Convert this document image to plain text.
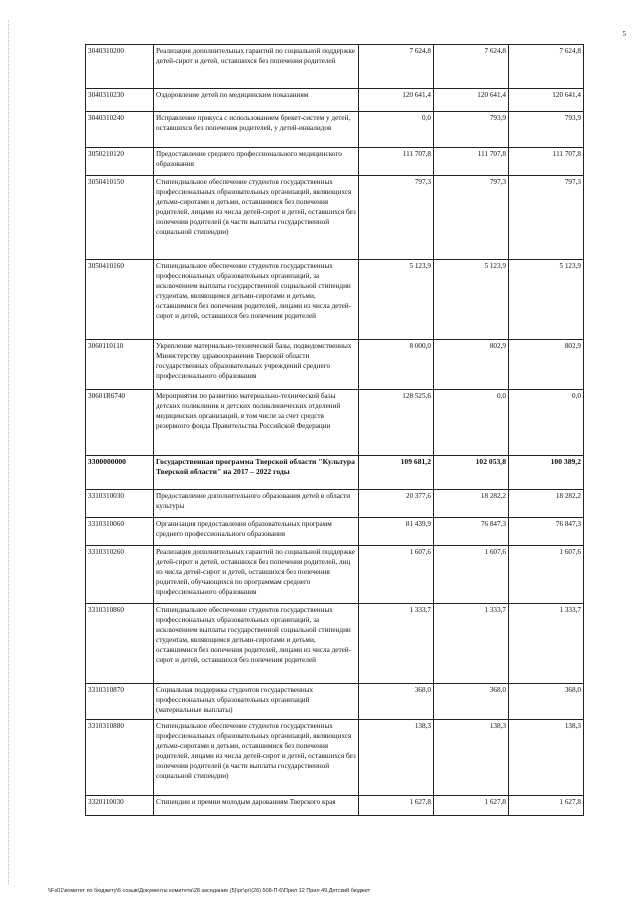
5
3040310200	Реализация дополнительных гарантий по социальной поддержке детей-сирот и детей, оставшихся без попечения родителей	7 624,8	7 624,8	7 624,8
3040310230	Оздоровление детей по медицинским показаниям	120 641,4	120 641,4	120 641,4
3040310240	Исправление прикуса с использованием брекет-систем у детей, оставшихся без попечения родителей, у детей-инвалидов	0,0	793,9	793,9
3050210120	Предоставление среднего профессионального медицинского образования	111 707,8	111 707,8	111 707,8
3050410150	Стипендиальное обеспечение студентов государственных профессиональных образовательных организаций, являющихся детьми-сиротами и детьми, оставшимися без попечения родителей, лицами из числа детей-сирот и детей, оставшихся без попечения родителей (в части выплаты государственной социальной стипендии)	797,3	797,3	797,3
3050410160	Стипендиальное обеспечение студентов государственных профессиональных образовательных организаций, за исключением выплаты государственной социальной стипендии студентам, являющимся детьми-сиротами и детьми, оставшимися без попечения родителей, лицами из числа детей-сирот и детей, оставшихся без попечения родителей	5 123,9	5 123,9	5 123,9
3060110110	Укрепление материально-технической базы, подведомственных Министерству здравоохранения Тверской области государственных образовательных учреждений среднего профессионального образования	8 000,0	802,9	802,9
30601R6740	Мероприятия по развитию материально-технической базы детских поликлиник и детских поликлинических отделений медицинских организаций, в том числе за счет средств резервного фонда Правительства Российской Федерации	128 525,6	0,0	0,0
3300000000	Государственная программа Тверской области "Культура Тверской области" на 2017 – 2022 годы	109 681,2	102 053,8	100 389,2
3310310030	Предоставление дополнительного образования детей в области культуры	20 377,6	18 282,2	18 282,2
3310310060	Организация предоставления образовательных программ среднего профессионального образования	81 439,9	76 847,3	76 847,3
3310310260	Реализация дополнительных гарантий по социальной поддержке детей-сирот и детей, оставшихся без попечения родителей, лиц из числа детей-сирот и детей, оставшихся без попечения родителей, обучающихся по программам среднего профессионального образования	1 607,6	1 607,6	1 607,6
3310310860	Стипендиальное обеспечение студентов государственных профессиональных образовательных организаций, за исключением выплаты государственной социальной стипендии студентам, являющимся детьми-сиротами и детьми, оставшимися без попечения родителей, лицами из числа детей-сирот и детей, оставшихся без попечения родителей	1 333,7	1 333,7	1 333,7
3310310870	Социальная поддержка студентов государственных профессиональных образовательных организаций (материальные выплаты)	368,0	368,0	368,0
3310310880	Стипендиальное обеспечение студентов государственных профессиональных образовательных организаций, являющихся детьми-сиротами и детьми, оставшимися без попечения родителей, лицами из числа детей-сирот и детей, оставшихся без попечения родителей (в части выплаты государственной социальной стипендии)	138,3	138,3	138,3
3320110030	Стипендии и премии молодым дарованиям Тверского края	1 627,8	1 627,8	1 627,8
\\Fs01\комитет по бюджету\6 созыв\Документы комитета\28 заседание (5)\рг\рг\(26) 508-П-6\Прил 12 Прил 49 Детский бюджет
